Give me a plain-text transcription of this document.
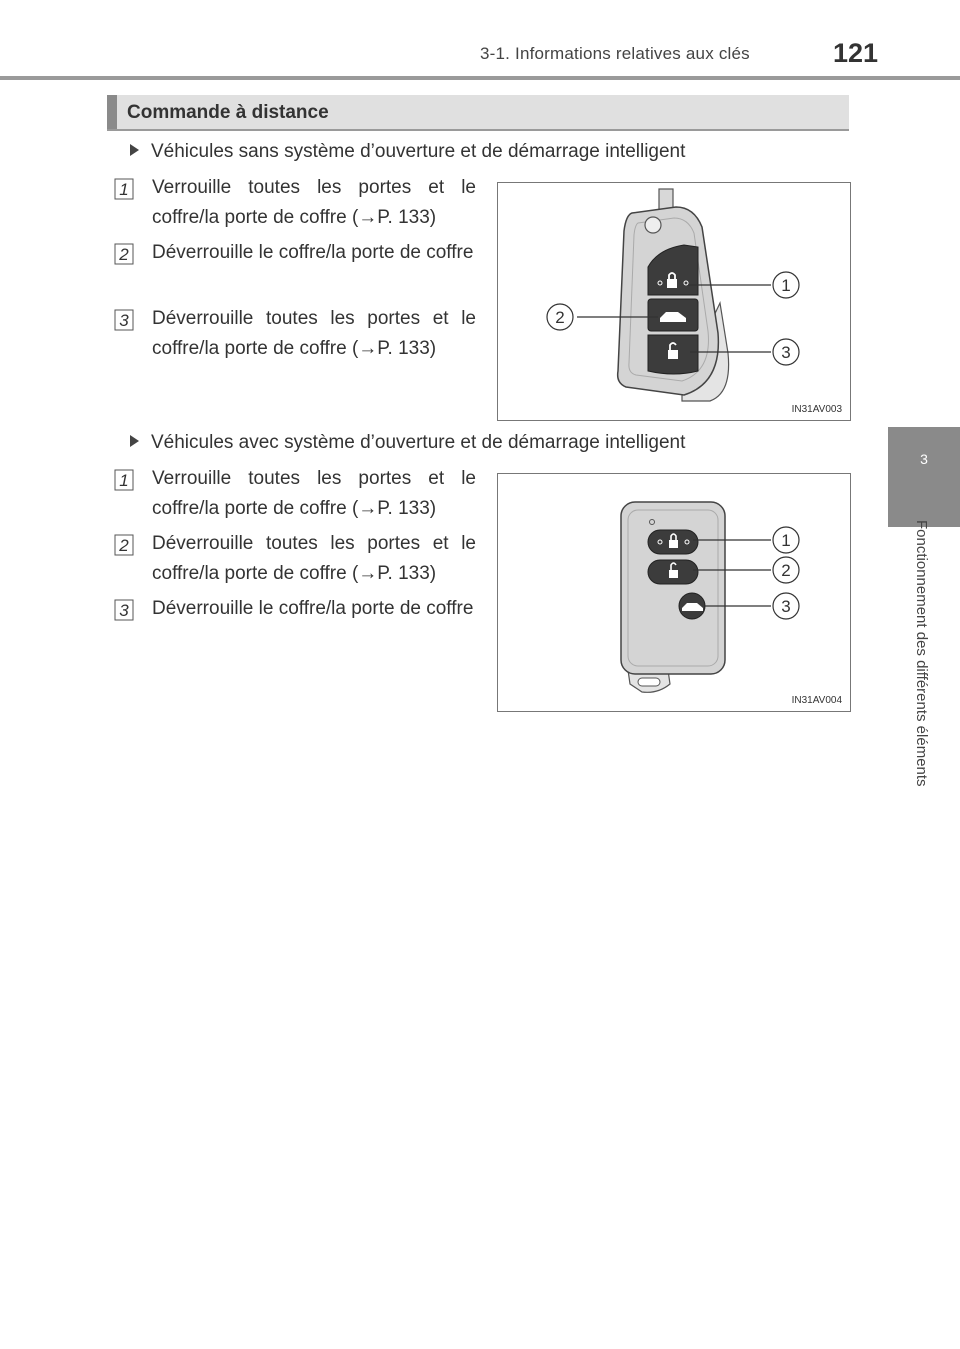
3-1. Informations relatives aux clés	121
3
Fonctionnement des différents éléments
Commande à distance
Véhicules sans système d’ouverture et de démarrage intelligent
1 Verrouille toutes les portes et le coffre/la porte de coffre (→P. 133)
2 Déverrouille le coffre/la porte de coffre
3 Déverrouille toutes les portes et le coffre/la porte de coffre (→P. 133)
1
2
3
IN31AV003
Véhicules avec système d’ouverture et de démarrage intelligent
1 Verrouille toutes les portes et le coffre/la porte de coffre (→P. 133)
2 Déverrouille toutes les portes et le coffre/la porte de coffre (→P. 133)
3 Déverrouille le coffre/la porte de coffre
1
2
3
IN31AV004
